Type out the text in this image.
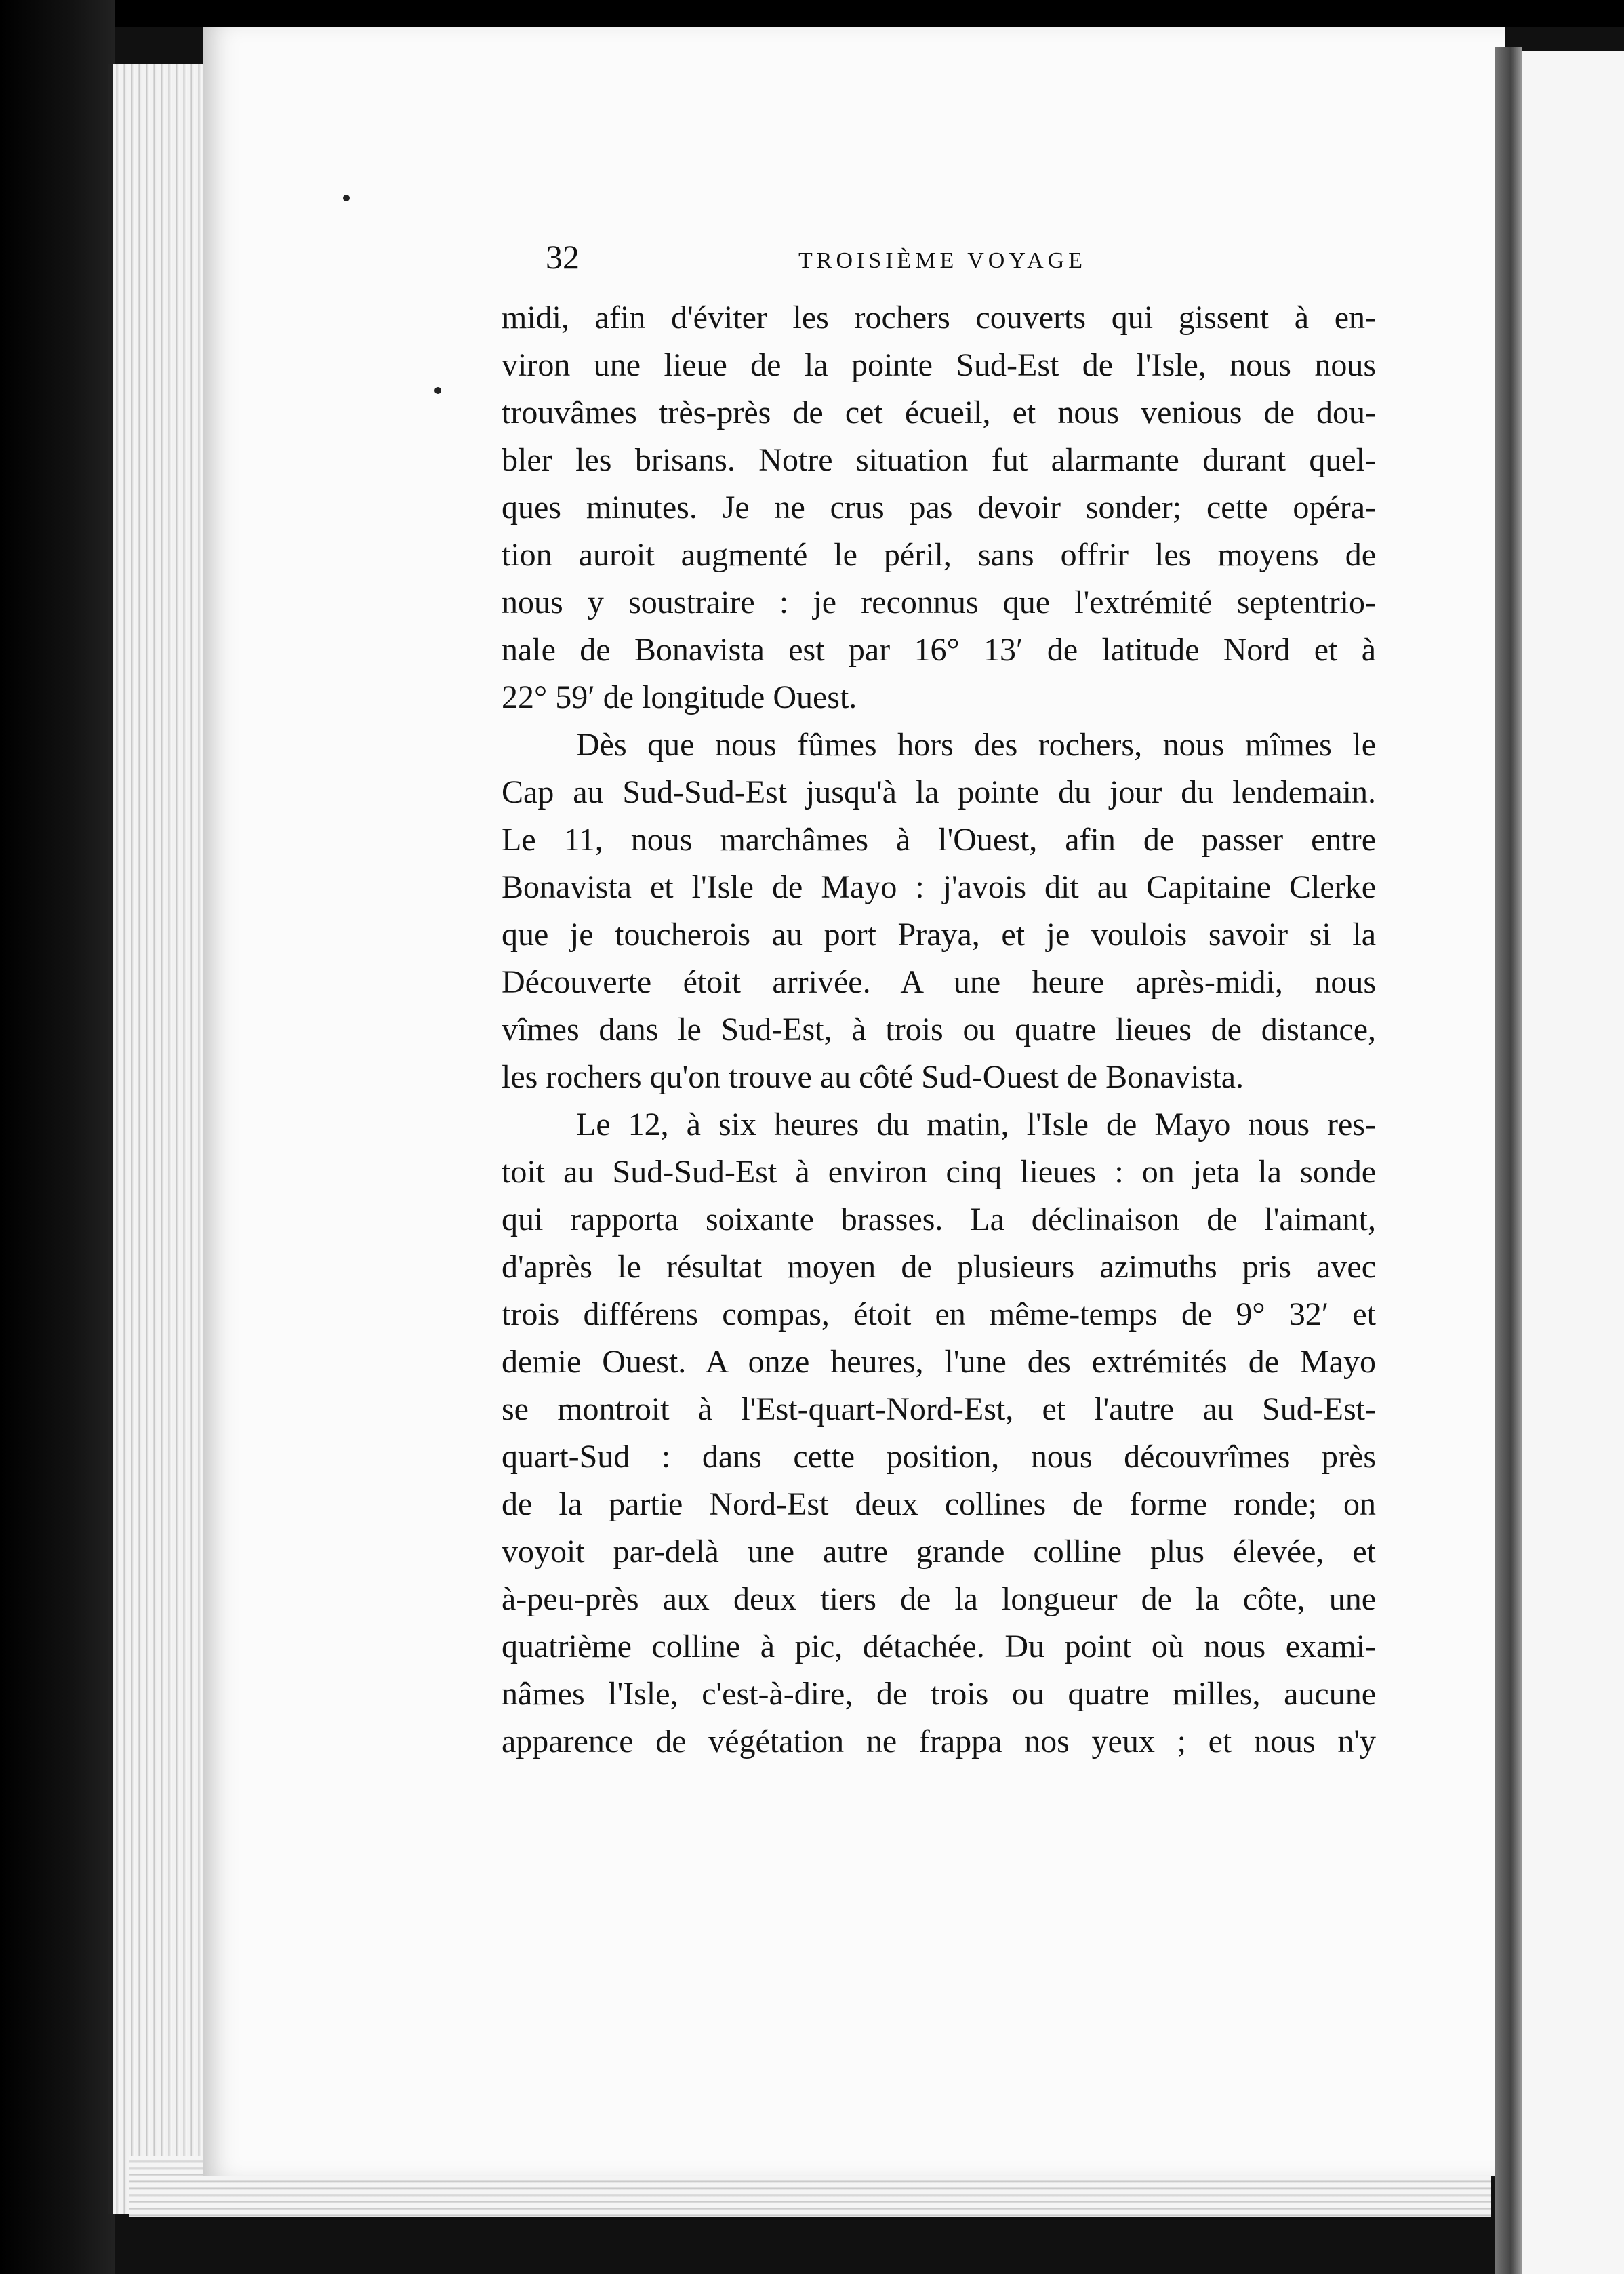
32	TROISIÈME VOYAGE
midi, afin d'éviter les rochers couverts qui gissent à en-
viron une lieue de la pointe Sud-Est de l'Isle, nous nous
trouvâmes très-près de cet écueil, et nous venious de dou-
bler les brisans. Notre situation fut alarmante durant quel-
ques minutes. Je ne crus pas devoir sonder; cette opéra-
tion auroit augmenté le péril, sans offrir les moyens de
nous y soustraire : je reconnus que l'extrémité septentrio-
nale de Bonavista est par 16° 13′ de latitude Nord et à
22° 59′ de longitude Ouest.
Dès que nous fûmes hors des rochers, nous mîmes le
Cap au Sud-Sud-Est jusqu'à la pointe du jour du lendemain.
Le 11, nous marchâmes à l'Ouest, afin de passer entre
Bonavista et l'Isle de Mayo : j'avois dit au Capitaine Clerke
que je toucherois au port Praya, et je voulois savoir si la
Découverte étoit arrivée. A une heure après-midi, nous
vîmes dans le Sud-Est, à trois ou quatre lieues de distance,
les rochers qu'on trouve au côté Sud-Ouest de Bonavista.
Le 12, à six heures du matin, l'Isle de Mayo nous res-
toit au Sud-Sud-Est à environ cinq lieues : on jeta la sonde
qui rapporta soixante brasses. La déclinaison de l'aimant,
d'après le résultat moyen de plusieurs azimuths pris avec
trois différens compas, étoit en même-temps de 9° 32′ et
demie Ouest. A onze heures, l'une des extrémités de Mayo
se montroit à l'Est-quart-Nord-Est, et l'autre au Sud-Est-
quart-Sud : dans cette position, nous découvrîmes près
de la partie Nord-Est deux collines de forme ronde; on
voyoit par-delà une autre grande colline plus élevée, et
à-peu-près aux deux tiers de la longueur de la côte, une
quatrième colline à pic, détachée. Du point où nous exami-
nâmes l'Isle, c'est-à-dire, de trois ou quatre milles, aucune
apparence de végétation ne frappa nos yeux ; et nous n'y
